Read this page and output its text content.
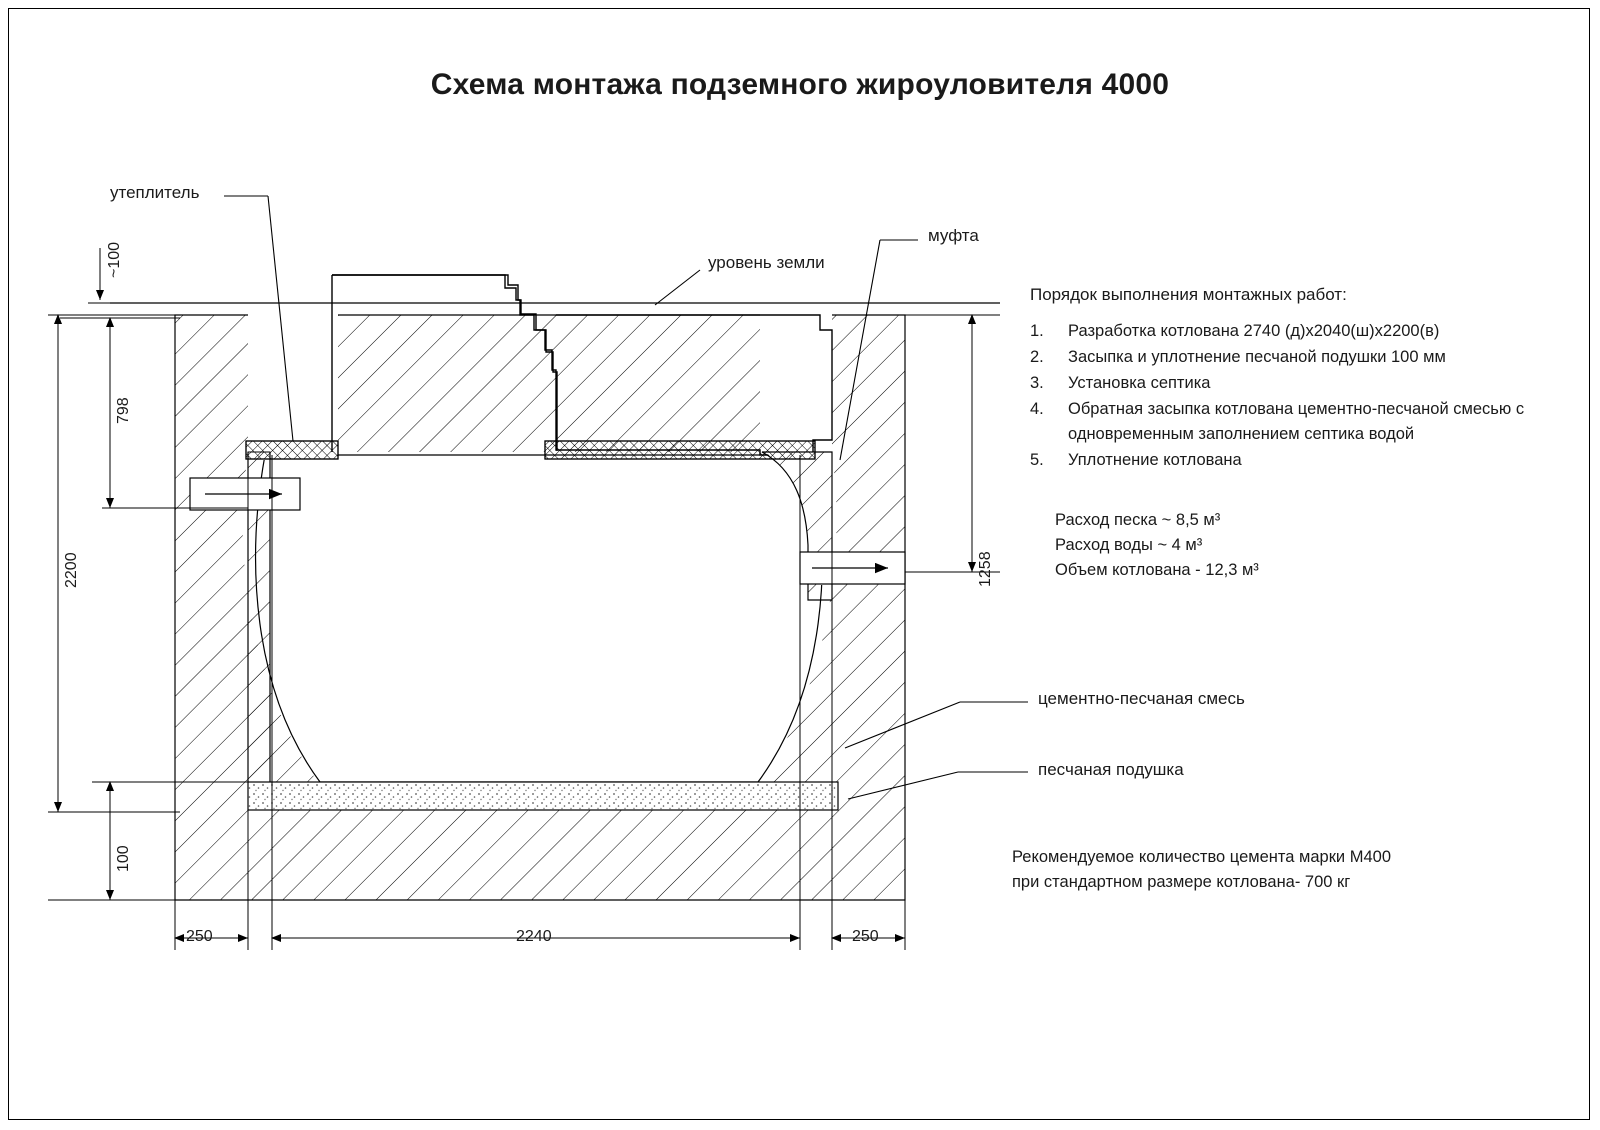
Схема монтажа подземного жироуловителя 4000
утеплитель
уровень земли
муфта
цементно-песчаная смесь
песчаная подушка
~100
798
2200
100
1258
250	2240	250
Порядок выполнения монтажных работ:
1.	Разработка котлована 2740 (д)х2040(ш)х2200(в)
2.	Засыпка и уплотнение песчаной подушки 100 мм
3.	Установка септика
4.	Обратная засыпка котлована цементно-песчаной смесью с одновременным заполнением септика водой
5.	Уплотнение котлована
Расход песка ~ 8,5 м³
Расход воды ~ 4 м³
Объем котлована - 12,3 м³
Рекомендуемое количество цемента марки М400
при стандартном размере котлована- 700 кг
